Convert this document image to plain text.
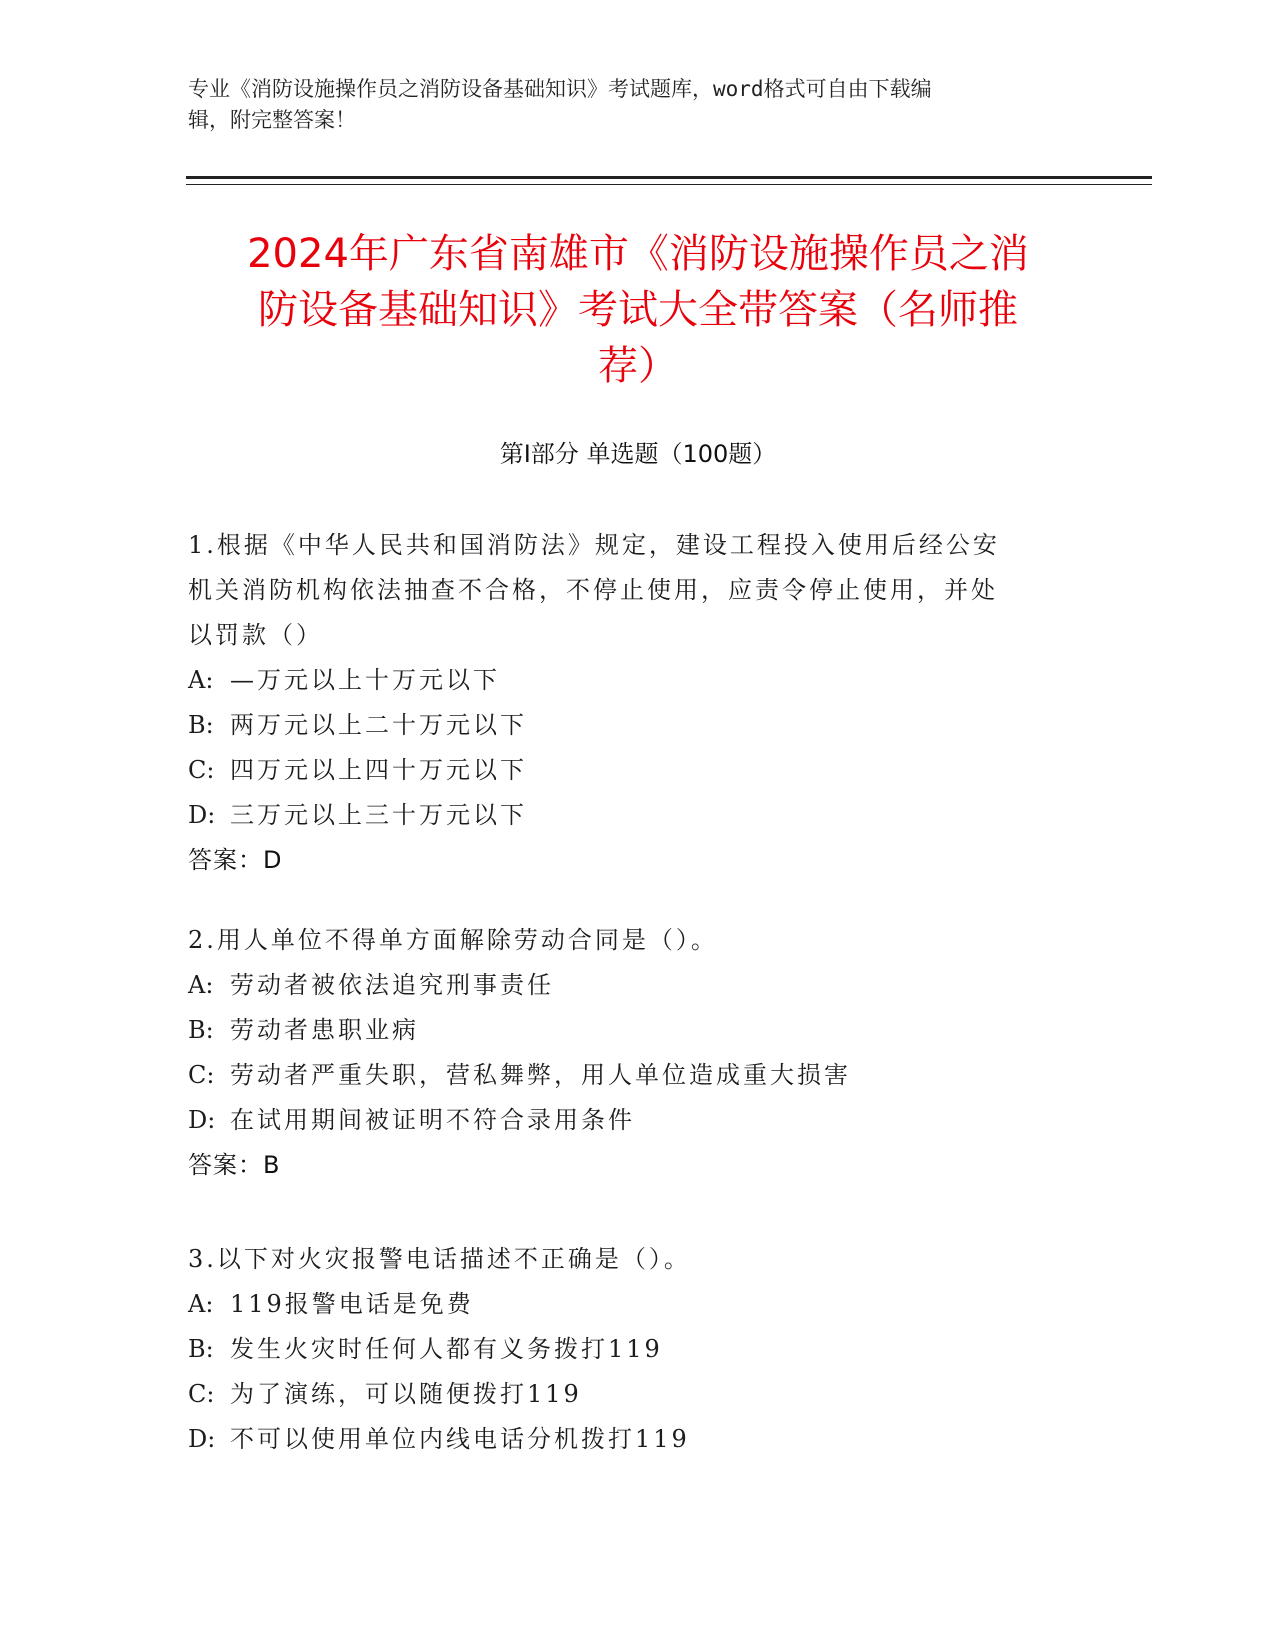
专业《消防设施操作员之消防设备基础知识》考试题库，word格式可自由下载编
辑，附完整答案！
2024年广东省南雄市《消防设施操作员之消
防设备基础知识》考试大全带答案（名师推
荐）
第Ⅰ部分 单选题（100题）
1.根据《中华人民共和国消防法》规定，建设工程投入使用后经公安
机关消防机构依法抽查不合格，不停止使用，应责令停止使用，并处
以罚款（）
A: —万元以上十万元以下
B: 两万元以上二十万元以下
C: 四万元以上四十万元以下
D: 三万元以上三十万元以下
答案：D
2.用人单位不得单方面解除劳动合同是（）。
A: 劳动者被依法追究刑事责任
B: 劳动者患职业病
C: 劳动者严重失职，营私舞弊，用人单位造成重大损害
D: 在试用期间被证明不符合录用条件
答案：B
3.以下对火灾报警电话描述不正确是（）。
A: 119报警电话是免费
B: 发生火灾时任何人都有义务拨打119
C: 为了演练，可以随便拨打119
D: 不可以使用单位内线电话分机拨打119
